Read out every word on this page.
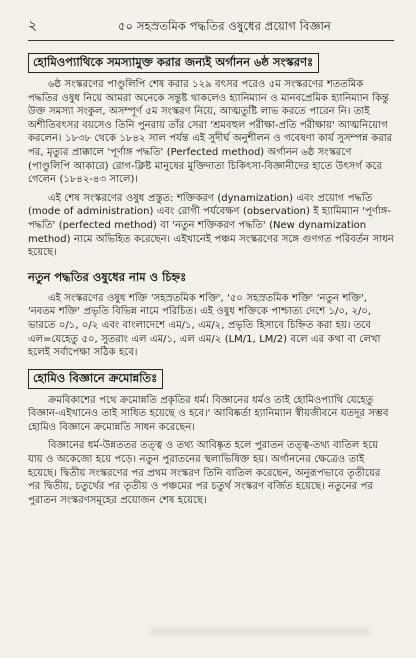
২	৫০ সহস্রতমিক পদ্ধতির ওষুধের প্রয়োগ বিজ্ঞান
হোমিওপ্যাথিকে সমস্যামুক্ত করার জন্যই অর্গানন ৬ষ্ঠ সংস্করণঃ

৬ষ্ঠ সংস্করণের পাণ্ডুলিপি শেষ করার ১২৯ বৎসর পরেও ৫ম সংস্করণের শততমিক পদ্ধতির ওষুধ নিয়ে আমরা অনেকে সন্তুষ্ট থাকলেও হ্যানিম্যান ও মানবপ্রেমিক হ্যানিম্যান কিন্তু উক্ত সমস্যা সংকুল, অসম্পূর্ণ ৫ম সংস্করণ নিয়ে, আত্মতুষ্টি লাভ করতে পারেন নি। তাই অশীতিবৎসর বয়সেও তিনি পুনরায় তাঁর সেরা 'শ্রমবহুল পরীক্ষা-প্রতি পরীক্ষায়' আত্মনিয়োগ করলেন। ১৮৩৮ থেকে ১৮৪২ সাল পর্যন্ত এই সুদীর্ঘ অনুশীলন ও গবেষণা কার্য সুসম্পন্ন করার পর, মৃত্যুর প্রাক্কালে 'পূর্ণাঙ্গ পদ্ধতি' (Perfected method) অর্গানন ৬ষ্ঠ সংস্করণে (পাণ্ডুলিপি আকারে) রোগ-ক্লিষ্ট মানুষের মুক্তিদাতা চিকিৎসা-বিজ্ঞানীদের হাতে উৎসর্গ করে গেলেন (১৮৪২-৪৩ সালে)।

এই শেষ সংস্করণের ওষুধ প্রস্তুত: শক্তিকরণ (dynamization) এবং প্রয়োগ পদ্ধতি (mode of administration) এবং রোগী পর্যবেক্ষণ (observation) ই হ্যামিম্যান 'পূর্ণাঙ্গ-পদ্ধতি' (perfected method) বা 'নতুন শক্তিকরণ পদ্ধতি' (New dynamization method) নামে অভিহিত করেছেন। এইখানেই পঞ্চম সংস্করণের সঙ্গে গুণগত পরিবর্তন সাধন হয়েছে।

নতুন পদ্ধতির ওষুধের নাম ও চিহ্নঃ

এই সংস্করণের ওষুধ শক্তি 'সহস্রতমিক শক্তি', '৫০ সহস্রতমিক শক্তি' 'নতুন শক্তি', 'নবতম শক্তি' প্রভৃতি বিভিন্ন নামে পরিচিত। এই ওষুধ শক্তিকে পাশ্চাত্য দেশে ১/০, ২/০, ভারতে ০/১, ০/২ এবং বাংলাদেশে এম/১, এম/২, প্রভৃতি হিসাবে চিহ্নিত করা হয়। তবে এল=যেহেতু ৫০, সুতরাং এল এম/১, এল এম/২ (LM/1, LM/2) বলে এর কথা বা লেখা হলেই সর্বাপেক্ষা সঠিক হবে।

হোমিও বিজ্ঞানে ক্রমোন্নতিঃ

ক্রমবিকাশের পথে ক্রমোন্নতি প্রকৃতির ধর্ম। বিজ্ঞানের ধর্মও তাই হোমিওপ্যাথি যেহেতু বিজ্ঞান-এইখানেও তাই সাধিত হয়েছে ও হবে।' আবিষ্কর্তা হ্যানিম্যান স্বীয়জীবনে যতদূর সম্ভব হোমিও বিজ্ঞানে ক্রমোন্নতি সাধন করেছেন।

বিজ্ঞানের ধর্ম-উন্নততর তত্ত্ব ও তথ্য আবিষ্কৃত হলে পুরাতন তত্ত্ব-তথ্য বাতিল হয়ে যায় ও অকেজো হয়ে পড়ে। নতুন পুরাতনের স্থলাভিষিক্ত হয়। অর্গাননের ক্ষেত্রেও তাই হয়েছে। দ্বিতীয় সংস্করণের পর প্রথম সংস্করণ তিনি বাতিল করেছেন, অনুরূপভাবে তৃতীয়ের পর দ্বিতীয়, চতুর্থের পর তৃতীয় ও পঞ্চমের পর চতুর্থ সংস্করণ বর্জিত হয়েছে। নতুনের পর পুরাতন সংস্করণসমূহের প্রয়োজন শেষ হয়েছে।
